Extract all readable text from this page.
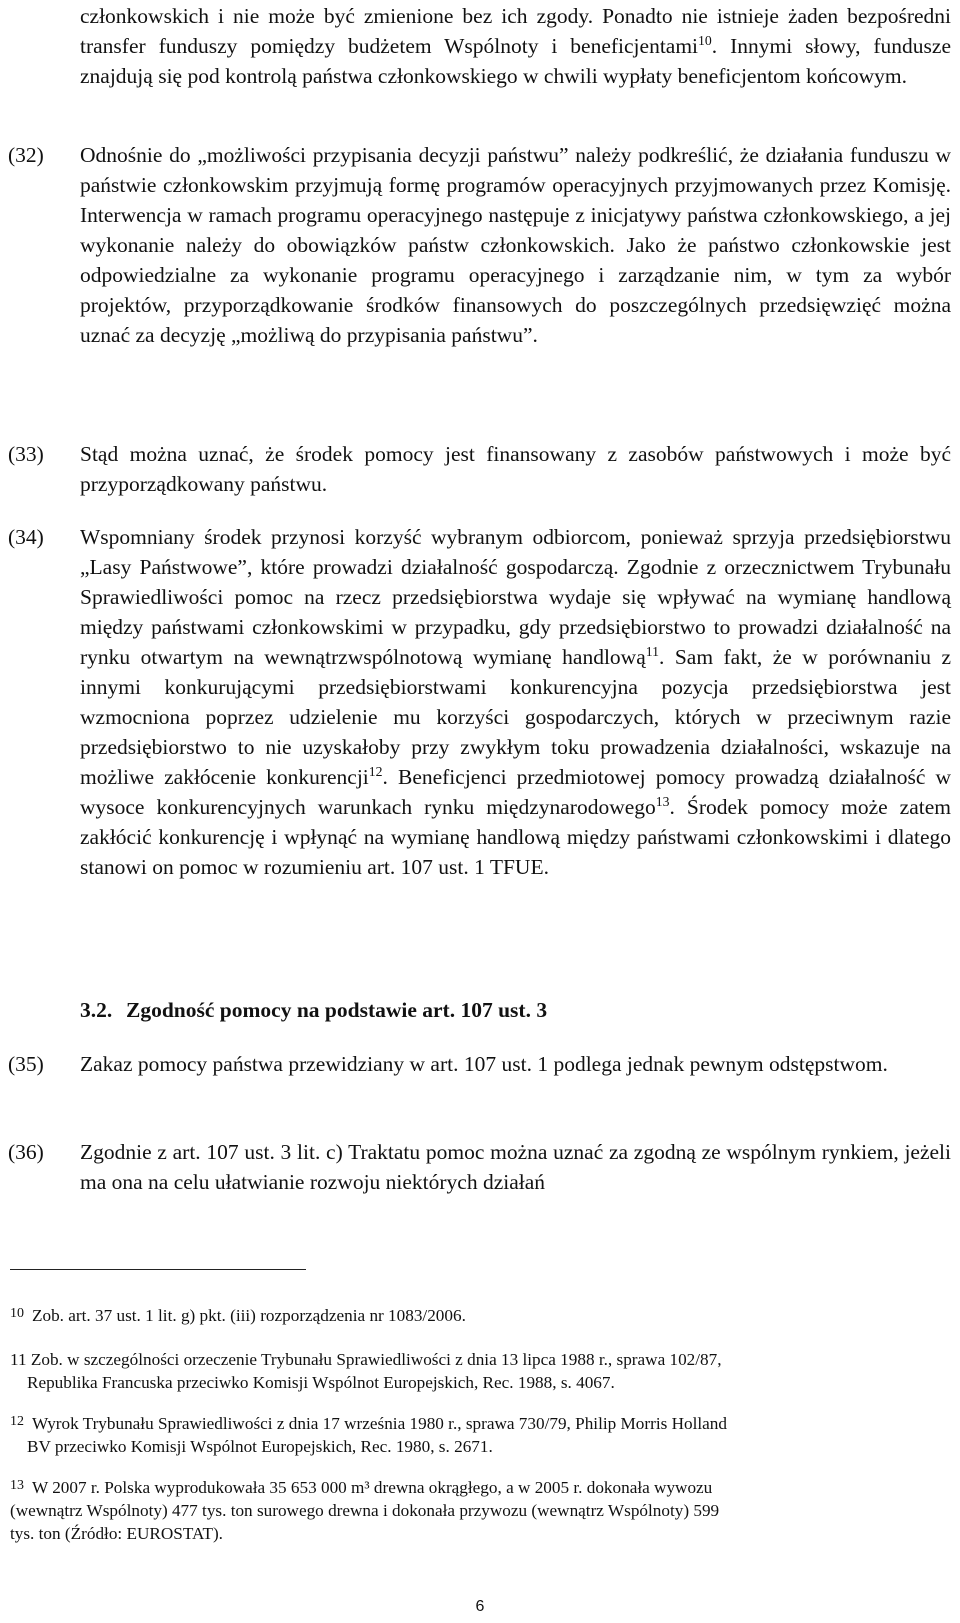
członkowskich i nie może być zmienione bez ich zgody. Ponadto nie istnieje żaden bezpośredni transfer funduszy pomiędzy budżetem Wspólnoty i beneficjentami$^{10}$. Innymi słowy, fundusze znajdują się pod kontrolą państwa członkowskiego w chwili wypłaty beneficjentom końcowym.
(32)	Odnośnie do „możliwości przypisania decyzji państwu” należy podkreślić, że działania funduszu w państwie członkowskim przyjmują formę programów operacyjnych przyjmowanych przez Komisję. Interwencja w ramach programu operacyjnego następuje z inicjatywy państwa członkowskiego, a jej wykonanie należy do obowiązków państw członkowskich. Jako że państwo członkowskie jest odpowiedzialne za wykonanie programu operacyjnego i zarządzanie nim, w tym za wybór projektów, przyporządkowanie środków finansowych do poszczególnych przedsięwzięć można uznać za decyzję „możliwą do przypisania państwu”.
(33)	Stąd można uznać, że środek pomocy jest finansowany z zasobów państwowych i może być przyporządkowany państwu.
(34)	Wspomniany środek przynosi korzyść wybranym odbiorcom, ponieważ sprzyja przedsiębiorstwu „Lasy Państwowe”, które prowadzi działalność gospodarczą. Zgodnie z orzecznictwem Trybunału Sprawiedliwości pomoc na rzecz przedsiębiorstwa wydaje się wpływać na wymianę handlową między państwami członkowskimi w przypadku, gdy przedsiębiorstwo to prowadzi działalność na rynku otwartym na wewnątrzwspólnotową wymianę handlową$^{11}$. Sam fakt, że w porównaniu z innymi konkurującymi przedsiębiorstwami konkurencyjna pozycja przedsiębiorstwa jest wzmocniona poprzez udzielenie mu korzyści gospodarczych, których w przeciwnym razie przedsiębiorstwo to nie uzyskałoby przy zwykłym toku prowadzenia działalności, wskazuje na możliwe zakłócenie konkurencji$^{12}$. Beneficjenci przedmiotowej pomocy prowadzą działalność w wysoce konkurencyjnych warunkach rynku międzynarodowego$^{13}$. Środek pomocy może zatem zakłócić konkurencję i wpłynąć na wymianę handlową między państwami członkowskimi i dlatego stanowi on pomoc w rozumieniu art. 107 ust. 1 TFUE.
3.2. Zgodność pomocy na podstawie art. 107 ust. 3
(35)	Zakaz pomocy państwa przewidziany w art. 107 ust. 1 podlega jednak pewnym odstępstwom.
(36)	Zgodnie z art. 107 ust. 3 lit. c) Traktatu pomoc można uznać za zgodną ze wspólnym rynkiem, jeżeli ma ona na celu ułatwianie rozwoju niektórych działań
$^{10}$ Zob. art. 37 ust. 1 lit. g) pkt. (iii) rozporządzenia nr 1083/2006.
11 Zob. w szczególności orzeczenie Trybunału Sprawiedliwości z dnia 13 lipca 1988 r., sprawa 102/87,
Republika Francuska przeciwko Komisji Wspólnot Europejskich, Rec. 1988, s. 4067.
$^{12}$ Wyrok Trybunału Sprawiedliwości z dnia 17 września 1980 r., sprawa 730/79, Philip Morris Holland
BV przeciwko Komisji Wspólnot Europejskich, Rec. 1980, s. 2671.
$^{13}$ W 2007 r. Polska wyprodukowała 35 653 000 m³ drewna okrągłego, a w 2005 r. dokonała wywozu
(wewnątrz Wspólnoty) 477 tys. ton surowego drewna i dokonała przywozu (wewnątrz Wspólnoty) 599
tys. ton (Źródło: EUROSTAT).
6
